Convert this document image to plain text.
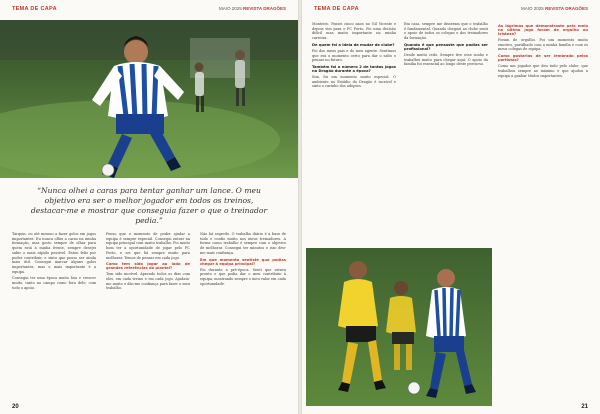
TEMA DE CAPA	MAIO 2025 REVISTA DRAGÕES
“Nunca olhei a caras para tentar ganhar um lance. O meu objetivo era ser o melhor jogador em todos os treinos, destacar-me e mostrar que conseguia fazer o que o treinador pedia.”

Tarquin, ou até mesmo a fazer golos em jogos importantes. Eu nunca olhei a caras na minha formação, mas gosto sempre de olhar para quem está à minha frente, sempre desejei subir o mais rápido possível. Estou feliz por poder contribuir, e sinto que posso ser ainda mais útil. Consegui marcar alguns golos importantes, mas o mais importante é a equipa.

Consegui ter uma época muito boa e crescer muito, tanto no campo como fora dele, com todo o apoio.

Penso que o momento de poder ajudar a equipa é sempre especial. Consegui entrar na equipa principal com muito trabalho. Foi muito bom ter a oportunidade de jogar pelo FC Porto, e sei que há sempre muito para melhorar. Temos de pensar em cada jogo.

Como tem sido jogar ao lado de grandes referências do plantel?

Tem sido incrível. Aprendo todos os dias com eles, em cada treino e em cada jogo. Ajudam-me muito e dão-me confiança para fazer o meu trabalho.

Não há segredo. O trabalho diário é a base de tudo e confio muito nos meus treinadores. A forma como trabalho é sempre com o objetivo de melhorar. Consegui ter minutos e isso deu-me mais confiança.

Em que momento sentiste que podias chegar à equipa principal?

Foi durante a pré-época. Senti que estava pronto e que podia dar o meu contributo à equipa, mostrando sempre o meu valor em cada oportunidade.

20
TEMA DE CAPA	MAIO 2025 REVISTA DRAGÕES

Monteiro. Passei cinco anos no Gil Vicente e depois vim para o FC Porto. Foi uma decisão difícil mas muito importante na minha carreira.

De quem foi a ideia de mudar de clube?

Foi dos meus pais e do meu agente. Sentimos que era o momento certo para dar o salto e pensar no futuro.

Também foi o número 2 de tantos jogos no Dragão durante a época?

Sim, foi um momento muito especial. O ambiente no Estádio do Dragão é incrível e sinto o carinho dos adeptos.

Em casa, sempre me disseram que o trabalho é fundamental. Quando cheguei ao clube senti o apoio de todos os colegas e dos treinadores da formação.

Quando é que pensaste que podias ser profissional?

Desde muito cedo. Sempre tive esse sonho e trabalhei muito para chegar aqui. O apoio da família foi essencial ao longo deste percurso.

As lágrimas que demonstraste pelo meio no último jogo foram de orgulho ou tristeza?

Foram de orgulho. Foi um momento muito emotivo, partilhado com a minha família e com os meus colegas de equipa.

Como gostarias de ser lembrado pelos portistas?

Como um jogador que deu tudo pelo clube, que trabalhou sempre ao máximo e que ajudou a equipa a ganhar títulos importantes.

21
